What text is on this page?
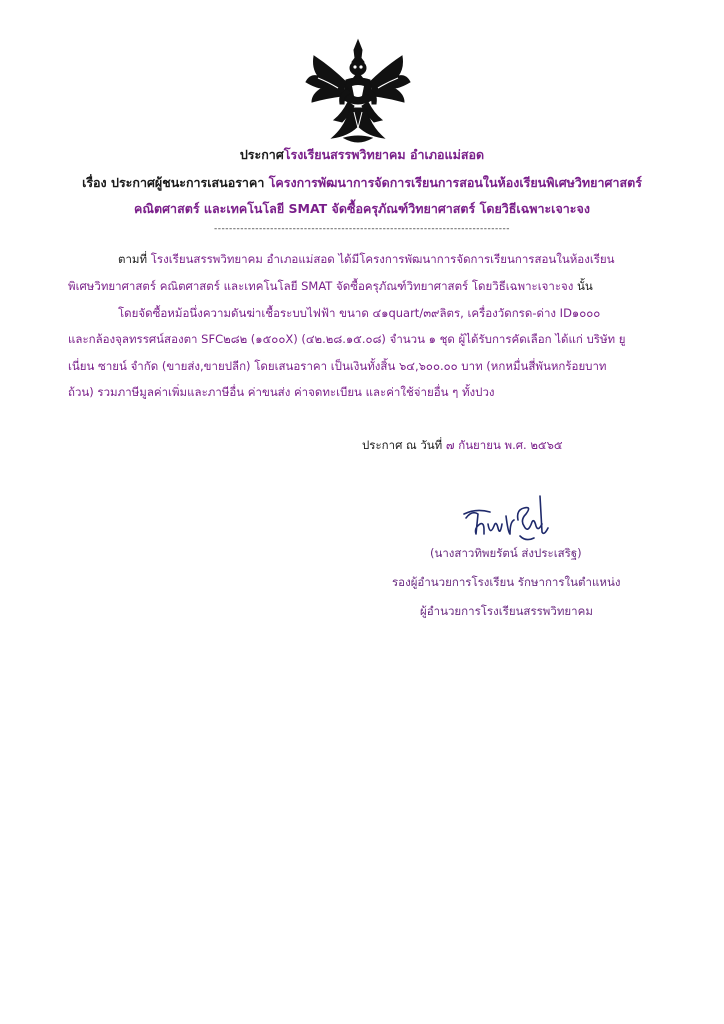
ประกาศโรงเรียนสรรพวิทยาคม อำเภอแม่สอด
เรื่อง ประกาศผู้ชนะการเสนอราคา โครงการพัฒนาการจัดการเรียนการสอนในห้องเรียนพิเศษวิทยาศาสตร์
คณิตศาสตร์ และเทคโนโลยี SMAT จัดซื้อครุภัณฑ์วิทยาศาสตร์ โดยวิธีเฉพาะเจาะจง
-------------------------------------------------------------------------------
ตามที่ โรงเรียนสรรพวิทยาคม อำเภอแม่สอด ได้มีโครงการพัฒนาการจัดการเรียนการสอนในห้องเรียน
พิเศษวิทยาศาสตร์ คณิตศาสตร์ และเทคโนโลยี SMAT จัดซื้อครุภัณฑ์วิทยาศาสตร์ โดยวิธีเฉพาะเจาะจง นั้น
โดยจัดซื้อหม้อนึ่งความดันฆ่าเชื้อระบบไฟฟ้า ขนาด ๔๑quart/๓๙ลิตร, เครื่องวัดกรด-ด่าง ID๑๐๐๐
และกล้องจุลทรรศน์สองตา SFC๒๘๒ (๑๕๐๐X) (๔๒.๒๘.๑๕.๐๘) จำนวน ๑ ชุด ผู้ได้รับการคัดเลือก ได้แก่ บริษัท ยู
เนี่ยน ซายน์ จำกัด (ขายส่ง,ขายปลีก) โดยเสนอราคา เป็นเงินทั้งสิ้น ๖๔,๖๐๐.๐๐ บาท (หกหมื่นสี่พันหกร้อยบาท
ถ้วน) รวมภาษีมูลค่าเพิ่มและภาษีอื่น ค่าขนส่ง ค่าจดทะเบียน และค่าใช้จ่ายอื่น ๆ ทั้งปวง
ประกาศ ณ วันที่ ๗ กันยายน พ.ศ. ๒๕๖๕
(นางสาวทิพยรัตน์ ส่งประเสริฐ)
รองผู้อำนวยการโรงเรียน รักษาการในตำแหน่ง
ผู้อำนวยการโรงเรียนสรรพวิทยาคม
